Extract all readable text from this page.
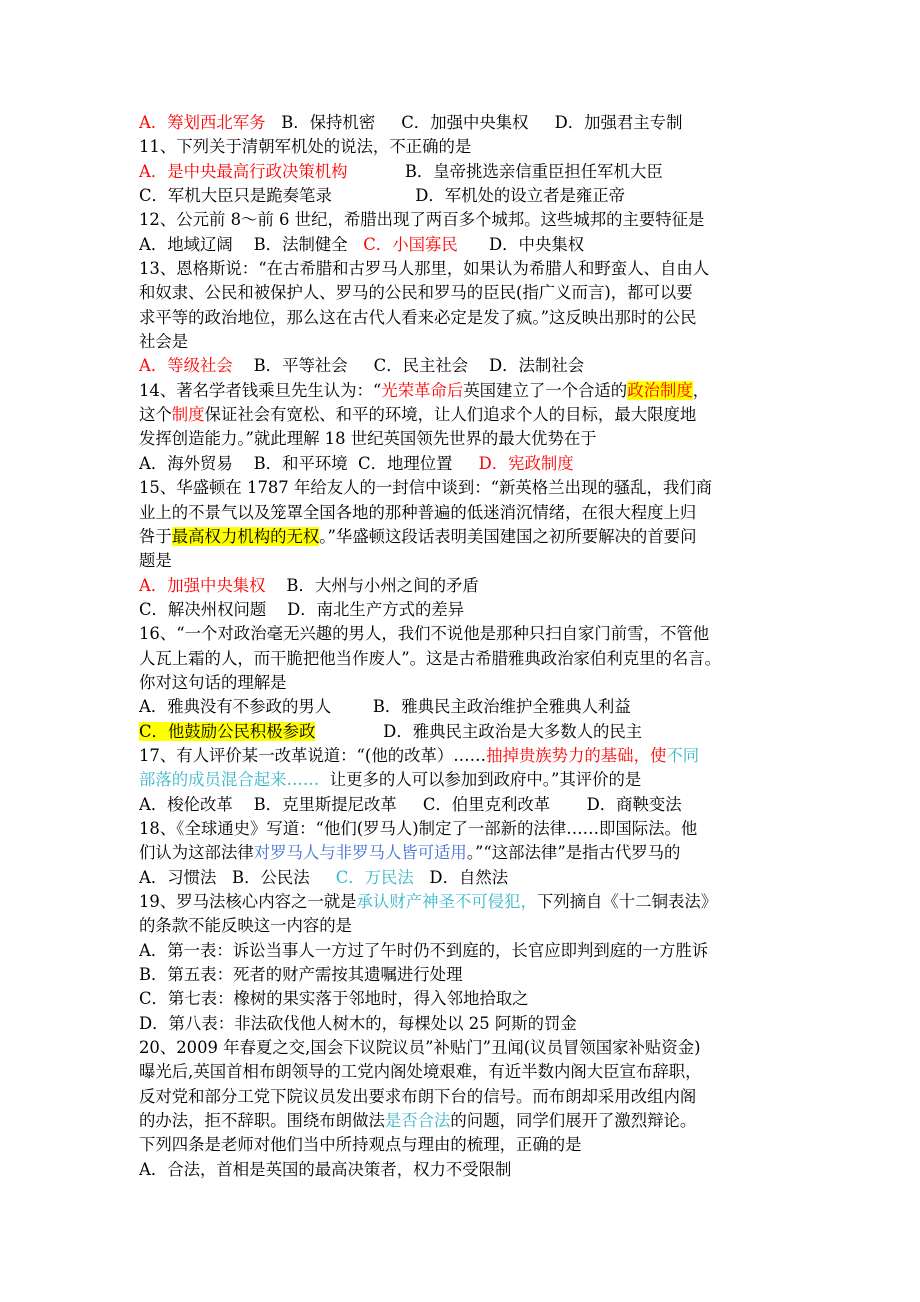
A．筹划西北军务   B．保持机密     C．加强中央集权     D．加强君主专制
11、下列关于清朝军机处的说法，不正确的是
A．是中央最高行政决策机构           B．皇帝挑选亲信重臣担任军机大臣
C．军机大臣只是跪奏笔录                D．军机处的设立者是雍正帝
12、公元前 8～前 6 世纪，希腊出现了两百多个城邦。这些城邦的主要特征是
A．地域辽阔    B．法制健全   C．小国寡民      D．中央集权
13、恩格斯说：“在古希腊和古罗马人那里，如果认为希腊人和野蛮人、自由人
和奴隶、公民和被保护人、罗马的公民和罗马的臣民(指广义而言)，都可以要
求平等的政治地位，那么这在古代人看来必定是发了疯。”这反映出那时的公民
社会是
A．等级社会    B．平等社会     C．民主社会    D．法制社会
14、著名学者钱乘旦先生认为：“光荣革命后英国建立了一个合适的政治制度，
这个制度保证社会有宽松、和平的环境，让人们追求个人的目标，最大限度地
发挥创造能力。”就此理解 18 世纪英国领先世界的最大优势在于
A．海外贸易    B．和平环境  C．地理位置     D．宪政制度
15、华盛顿在 1787 年给友人的一封信中谈到：“新英格兰出现的骚乱，我们商
业上的不景气以及笼罩全国各地的那种普遍的低迷消沉情绪，在很大程度上归
咎于最高权力机构的无权。”华盛顿这段话表明美国建国之初所要解决的首要问
题是
A．加强中央集权    B．大州与小州之间的矛盾
C．解决州权问题    D．南北生产方式的差异
16、“一个对政治毫无兴趣的男人，我们不说他是那种只扫自家门前雪，不管他
人瓦上霜的人，而干脆把他当作废人”。这是古希腊雅典政治家伯利克里的名言。
你对这句话的理解是
A．雅典没有不参政的男人        B．雅典民主政治维护全雅典人利益
C．他鼓励公民积极参政             D．雅典民主政治是大多数人的民主
17、有人评价某一改革说道：“(他的改革）……抽掉贵族势力的基础，使不同
部落的成员混合起来……  让更多的人可以参加到政府中。”其评价的是
A．梭伦改革    B．克里斯提尼改革     C．伯里克利改革       D．商鞅变法
18、《全球通史》写道：“他们(罗马人)制定了一部新的法律……即国际法。他
们认为这部法律对罗马人与非罗马人皆可适用。”“这部法律”是指古代罗马的
A．习惯法   B．公民法     C．万民法   D．自然法
19、罗马法核心内容之一就是承认财产神圣不可侵犯，下列摘自《十二铜表法》
的条款不能反映这一内容的是
A．第一表：诉讼当事人一方过了午时仍不到庭的，长官应即判到庭的一方胜诉
B．第五表：死者的财产需按其遗嘱进行处理
C．第七表：橡树的果实落于邻地时，得入邻地拾取之
D．第八表：非法砍伐他人树木的，每棵处以 25 阿斯的罚金
20、2009 年春夏之交,国会下议院议员”补贴门”丑闻(议员冒领国家补贴资金)
曝光后,英国首相布朗领导的工党内阁处境艰难，有近半数内阁大臣宣布辞职，
反对党和部分工党下院议员发出要求布朗下台的信号。而布朗却采用改组内阁
的办法，拒不辞职。围绕布朗做法是否合法的问题，同学们展开了激烈辩论。
下列四条是老师对他们当中所持观点与理由的梳理，正确的是
A．合法，首相是英国的最高决策者，权力不受限制
